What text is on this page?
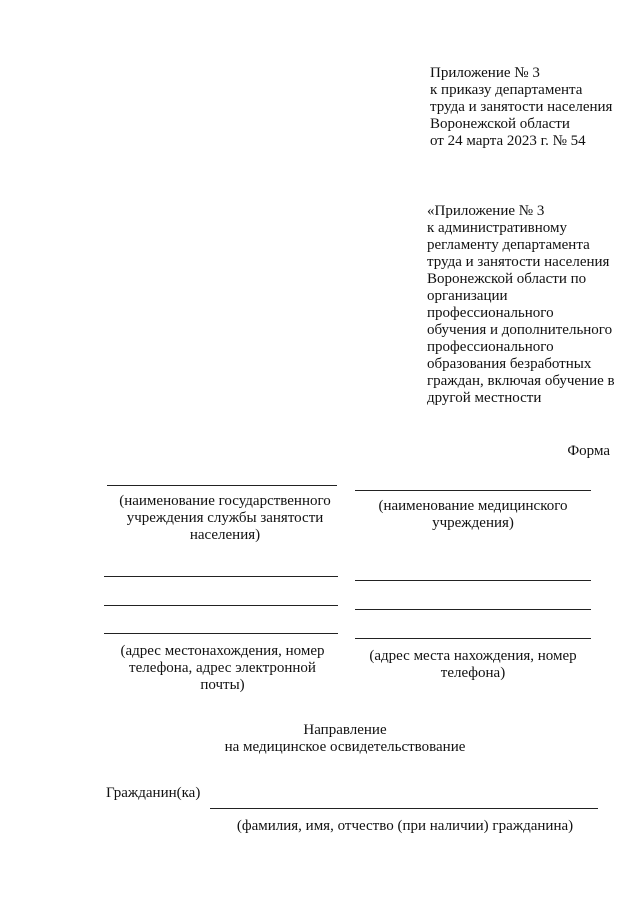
Приложение № 3
к приказу департамента
труда и занятости населения
Воронежской области
от 24 марта 2023 г. № 54
«Приложение № 3
к административному
регламенту департамента
труда и занятости населения
Воронежской области по
организации
профессионального
обучения и дополнительного
профессионального
образования безработных
граждан, включая обучение в
другой местности
Форма
(наименование государственного
учреждения службы занятости
населения)
(наименование медицинского
учреждения)
(адрес местонахождения, номер
телефона, адрес электронной
почты)
(адрес места нахождения, номер
телефона)
Направление
на медицинское освидетельствование
Гражданин(ка)
(фамилия, имя, отчество (при наличии) гражданина)
